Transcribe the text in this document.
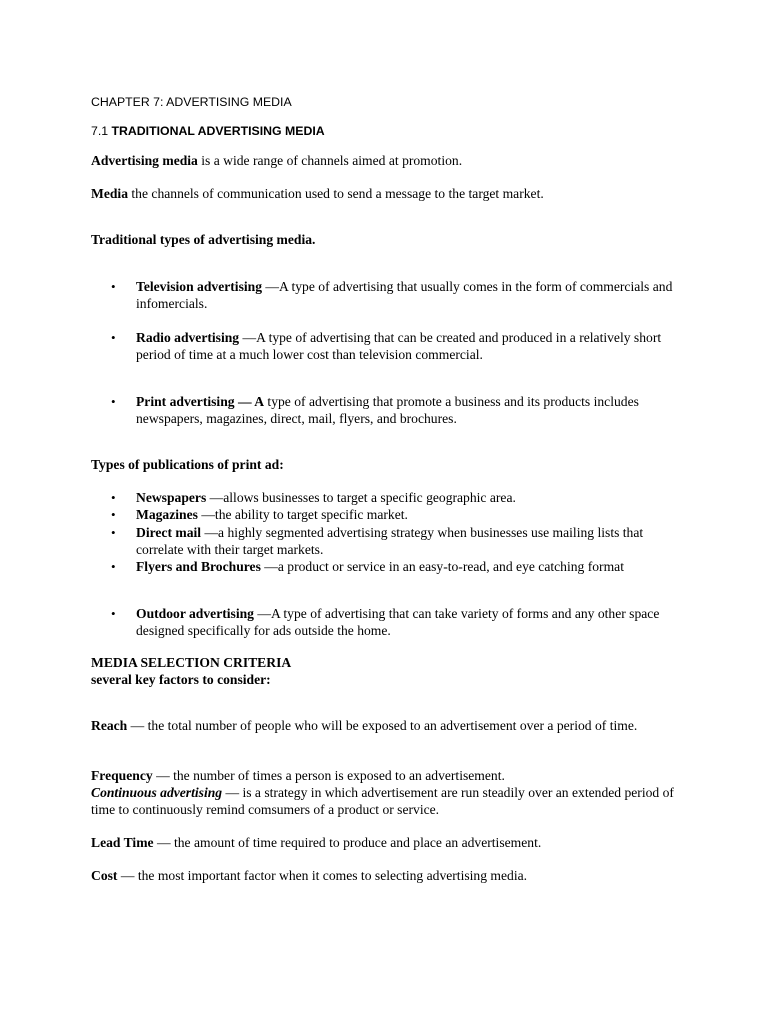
CHAPTER 7: ADVERTISING MEDIA
7.1 TRADITIONAL ADVERTISING MEDIA
Advertising media is a wide range of channels aimed at promotion.
Media the channels of communication used to send a message to the target market.
Traditional types of advertising media.
• Television advertising —A type of advertising that usually comes in the form of commercials and infomercials.
• Radio advertising —A type of advertising that can be created and produced in a relatively short period of time at a much lower cost than television commercial.
• Print advertising — A type of advertising that promote a business and its products includes newspapers, magazines, direct, mail, flyers, and brochures.
Types of publications of print ad:
• Newspapers —allows businesses to target a specific geographic area.
• Magazines —the ability to target specific market.
• Direct mail —a highly segmented advertising strategy when businesses use mailing lists that correlate with their target markets.
• Flyers and Brochures —a product or service in an easy-to-read, and eye catching format
• Outdoor advertising —A type of advertising that can take variety of forms and any other space designed specifically for ads outside the home.
MEDIA SELECTION CRITERIA
several key factors to consider:
Reach — the total number of people who will be exposed to an advertisement over a period of time.
Frequency — the number of times a person is exposed to an advertisement.
Continuous advertising — is a strategy in which advertisement are run steadily over an extended period of time to continuously remind comsumers of a product or service.
Lead Time — the amount of time required to produce and place an advertisement.
Cost — the most important factor when it comes to selecting advertising media.
